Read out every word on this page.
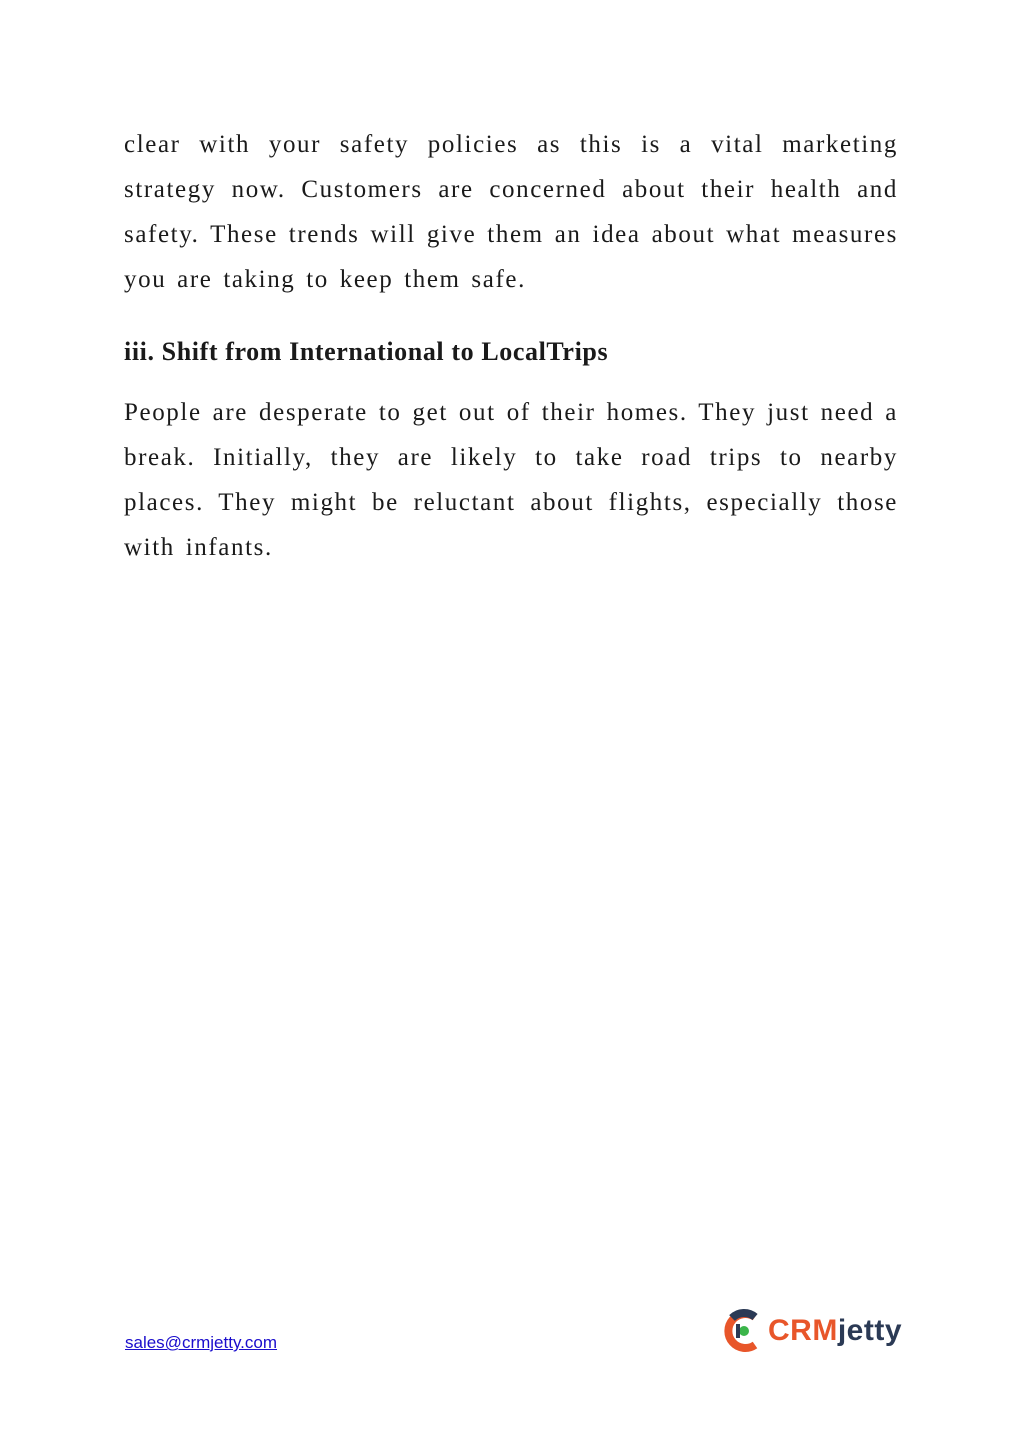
clear with your safety policies as this is a vital marketing strategy now. Customers are concerned about their health and safety. These trends will give them an idea about what measures you are taking to keep them safe.

iii. Shift from International to LocalTrips

People are desperate to get out of their homes. They just need a break. Initially, they are likely to take road trips to nearby places. They might be reluctant about flights, especially those with infants.

sales@crmjetty.com	CRMjetty
